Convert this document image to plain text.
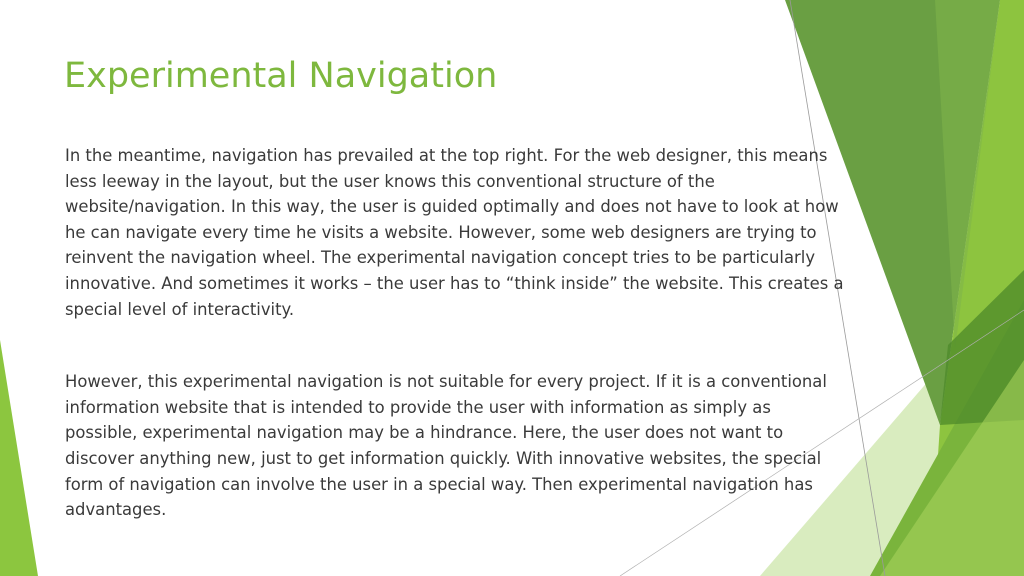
Experimental Navigation

In the meantime, navigation has prevailed at the top right. For the web designer, this means less leeway in the layout, but the user knows this conventional structure of the website/navigation. In this way, the user is guided optimally and does not have to look at how he can navigate every time he visits a website. However, some web designers are trying to reinvent the navigation wheel. The experimental navigation concept tries to be particularly innovative. And sometimes it works – the user has to “think inside” the website. This creates a special level of interactivity.

However, this experimental navigation is not suitable for every project. If it is a conventional information website that is intended to provide the user with information as simply as possible, experimental navigation may be a hindrance. Here, the user does not want to discover anything new, just to get information quickly. With innovative websites, the special form of navigation can involve the user in a special way. Then experimental navigation has advantages.
